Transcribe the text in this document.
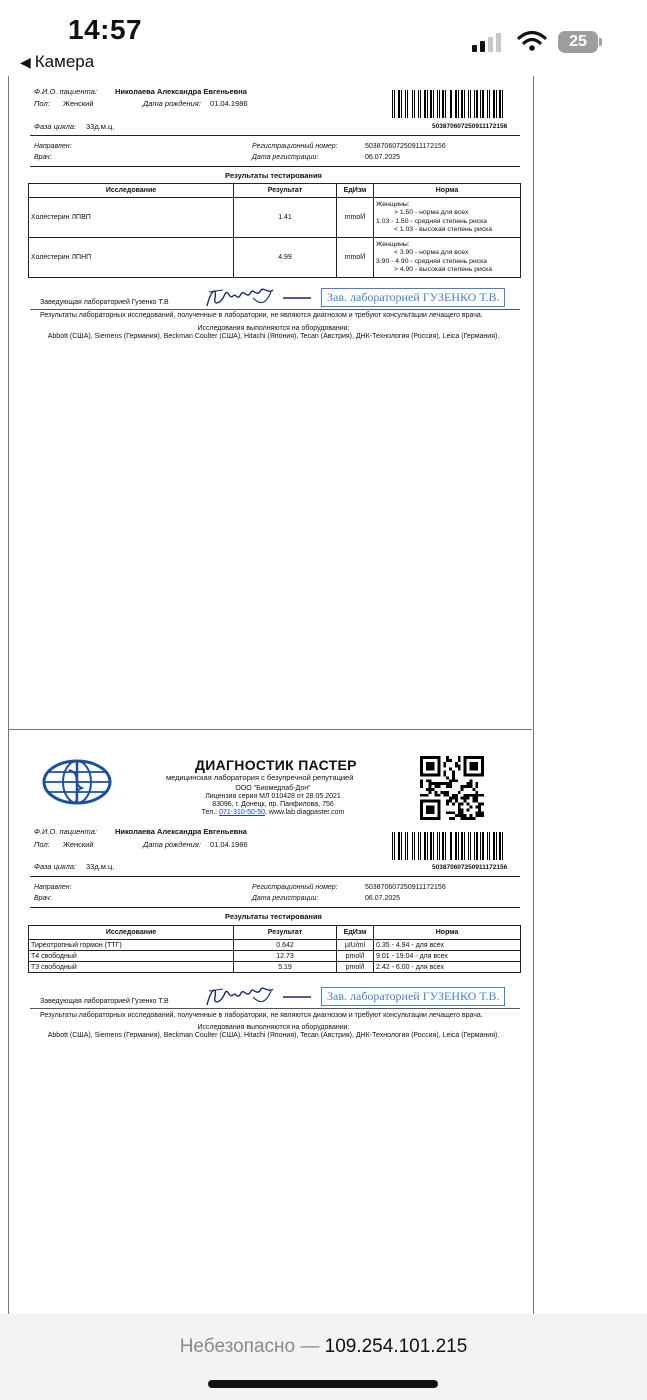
14:57
◀ Камера
25
Ф.И.О. пациента: Николаева Александра Евгеньевна
Пол: Женский	Дата рождения: 01.04.1986
Фаза цикла: 33д.м.ц.	503870607250911172156
Направлен:
Врач:
Регистрационный номер:	503870607250911172156
Дата регистрации:	06.07.2025
Результаты тестирования
Исследование	Результат	ЕдИзм	Норма
Холестерин ЛПВП	1.41	mmol/l	Женщины:
> 1.50 - норма для всех
1.03 - 1.50 - средняя степень риска
< 1.03 - высокая степень риска

Холестерин ЛПНП	4.99	mmol/l	Женщины:
< 3.90 - норма для всех
3.90 - 4.90 - средняя степень риска
> 4.90 - высокая степень риска
Заведующая лабораторией Гузенко Т.В	Зав. лабораторией ГУЗЕНКО Т.В.
Результаты лабораторных исследований, полученные в лаборатории, не являются диагнозом и требуют консультации лечащего врача.
Исследования выполняются на оборудовании:
Abbott (США), Siemens (Германия), Beckman Coulter (США), Hitachi (Япония), Tecan (Австрия), ДНК-Технология (Россия), Leica (Германия).
ДИАГНОСТИК ПАСТЕР
медицинская лаборатория с безупречной репутацией
ООО "Биомедлаб-Дон"
Лицензия серия МЛ 010428 от 28.05.2021
83096, г. Донецк, пр. Панфилова, 756
Тел.: 071-310-50-50, www.lab.diagpaster.com
Ф.И.О. пациента: Николаева Александра Евгеньевна
Пол: Женский	Дата рождения: 01.04.1986
Фаза цикла: 33д.м.ц.	503870607250911172156
Направлен:
Врач:
Регистрационный номер:	503870607250911172156
Дата регистрации:	06.07.2025
Результаты тестирования
Исследование	Результат	ЕдИзм	Норма
Тиреотропный гормон (ТТГ)	0.642	µIU/ml	0.35 - 4.94 - для всех
Т4 свободный	12.73	pmol/l	9.01 - 19.04 - для всех
Т3 свободный	5.19	pmol/l	2.42 - 6.00 - для всех
Заведующая лабораторией Гузенко Т.В	Зав. лабораторией ГУЗЕНКО Т.В.
Результаты лабораторных исследований, полученные в лаборатории, не являются диагнозом и требуют консультации лечащего врача.
Исследования выполняются на оборудовании:
Abbott (США), Siemens (Германия), Beckman Coulter (США), Hitachi (Япония), Tecan (Австрия), ДНК-Технология (Россия), Leica (Германия).
Небезопасно — 109.254.101.215
